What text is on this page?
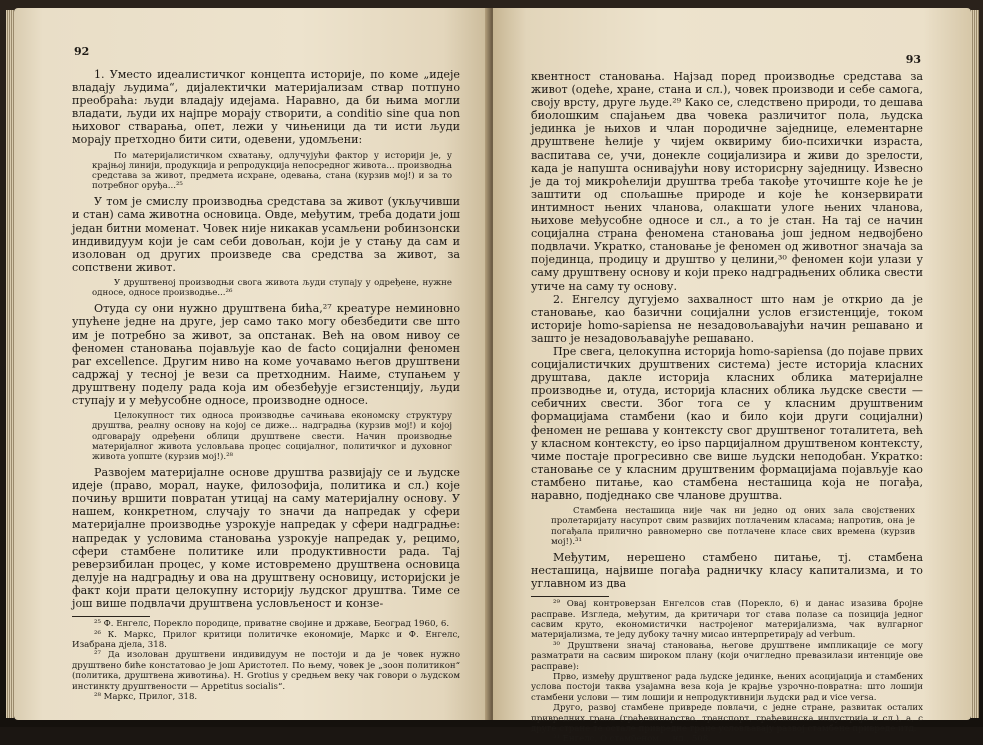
92

1. Уместо идеалистичког концепта историје, по коме „идеје владају људима“, дијалектички материјализам ствар потпуно преобраћа: људи владају идејама. Наравно, да би њима могли владати, људи их најпре морају створити, а conditio sine qua non њиховог стварања, опет, лежи у чињеници да ти исти људи морају претходно бити сити, одевени, удомљени:

По материјалистичком схватању, одлучујући фактор у историји је, у крајњој линији, продукција и репродукција непосредног живота... производња средстава за живот, предмета исхране, одевања, стана (курзив мој!) и за то потребног оруђа...²⁵

У том је смислу производња средстава за живот (укључивши и стан) сама животна основица. Овде, међутим, треба додати још један битни моменат. Човек није никакав усамљени робинзонски индивидуум који је сам себи довољан, који је у стању да сам и изолован од других произведе сва средства за живот, за сопствени живот.

У друштвеној производњи свога живота људи ступају у одређене, нужне односе, односе производње...²⁶

Отуда су они нужно друштвена бића,²⁷ креатуре неминовно упућене једне на друге, јер само тако могу обезбедити све што им је потребно за живот, за опстанак. Већ на овом нивоу се феномен становања појављује као de facto социјални феномен par excellence. Другим ниво на коме уочавамо његов друштвени садржај у тесној је вези са претходним. Наиме, ступањем у друштвену поделу рада која им обезбеђује егзистенцију, људи ступају и у међусобне односе, производне односе.

Целокупност тих односа производње сачињава економску структуру друштва, реалну основу на којој се диже... надградња (курзив мој!) и којој одговарају одређени облици друштвене свести. Начин производње материјалног живота условљава процес социјалног, политичког и духовног живота уопште (курзив мој!).²⁸

Развојем материјалне основе друштва развијају се и људске идеје (право, морал, науке, филозофија, политика и сл.) које почињу вршити повратан утицај на саму материјалну основу. У нашем, конкретном, случају то значи да напредак у сфери материјалне производње узрокује напредак у сфери надградње: напредак у условима становања узрокује напредак у, рецимо, сфери стамбене политике или продуктивности рада. Тај реверзибилан процес, у коме истовремено друштвена основица делује на надградњу и ова на друштвену основицу, историјски је факт који прати целокупну историју људског друштва. Тиме се још више подвлачи друштвена условљеност и конзе-

²⁵ Ф. Енгелс, Порекло породице, приватне својине и државе, Београд 1960, 6.

²⁶ К. Маркс, Прилог критици политичке економије, Маркс и Ф. Енгелс, Изабрана дјела, 318.

²⁷ Да изолован друштвени индивидуум не постоји и да је човек нужно друштвено биће констатовао је још Аристотел. По њему, човек је „зоон политикон“ (политика, друштвена животиња). Н. Grotius у средњем веку чак говори о људском инстинкту друштвености — Appetitus socialis“.

²⁸ Маркс, Прилог, 318.

93

квентност становања. Најзад поред производње средстава за живот (одеће, хране, стана и сл.), човек производи и себе самога, своју врсту, друге људе.²⁹ Како се, следствено природи, то дешава биолошким спајањем два човека различитог пола, људска јединка је њихов и члан породичне заједнице, елементарне друштвене ћелије у чијем оквириму био-психички израста, васпитава се, учи, донекле социјализира и живи до зрелости, када је напушта оснивајући нову историсрну заједницу. Извесно је да тој микроћелији друштва треба такође уточиште које ће је заштити од спољашње природе и које ће конзервирати интимност њених чланова, олакшати улоге њених чланова, њихове међусобне односе и сл., а то је стан. На тај се начин социјална страна феномена становања још једном недвојбено подвлачи. Укратко, становање је феномен од животног значаја за појединца, продицу и друштво у целини,³⁰ феномен који улази у саму друштвену основу и који преко надградњених облика свести утиче на саму ту основу.

2. Енгелсу дугујемо захвалност што нам је открио да је становање, као базични социјални услов егзистенције, током историје homo-sapiensa не незадовољавајући начин решавано и зашто је незадовољавајуће решавано.

Пре свега, целокупна историја homo-sapiensa (до појаве првих социјалистичких друштвених система) јесте историја класних друштава, дакле историја класних облика материјалне производње и, отуда, историја класних облика људске свести — себичних свести. Због тога се у класним друштвеним формацијама стамбени (као и било који други социјални) феномен не решава у контексту свог друштвеног тоталитета, већ у класном контексту, ео ipso парцијалном друштвеном контексту, чиме постаје прогресивно све више људски неподобан. Укратко: становање се у класним друштвеним формацијама појављује као стамбено питање, као стамбена несташица која не погађа, наравно, подједнако све чланове друштва.

Стамбена несташица није чак ни једно од оних зала својствених пролетаријату насупрот свим развијих потлаченим класама; напротив, она је погађала прилично равномерно све потлачене класе свих времена (курзив мој!).³¹

Међутим, нерешено стамбено питање, тј. стамбена несташица, највише погађа радничку класу капитализма, и то углавном из два

²⁹ Овај контроверзан Енгелсов став (Порекло, 6) и данас изазива бројне расправе. Изгледа, међутим, да критичари тог става полазе са позиција једног сасвим круто, економистички настројеног материјализма, чак вулгарног материјализма, те једу дубоку тачну мисао интерпретирају ad verbum.

³⁰ Друштвени значај становања, његове друштвене импликације се могу разматрати на сасвим широком плану (који очигледно превазилази интенције ове расправе):

Прво, између друштвеног рада људске јединке, њених асоцијација и стамбених услова постоји таква узајамна веза која је крајње узрочно-повратна: што лошији стамбени услови — тим лошији и непродуктивнији људски рад и vice versa.

Друго, развој стамбене привреде повлачи, с једне стране, развитак осталих привредних грана (грађевинарство, транспорт, грађевинска индустрија и сл.), а, с друге стране те остале привредне гране условљавају развој стамбене привреде итд.

³¹ Енгелс, О стамбеном..., нд., 508.
